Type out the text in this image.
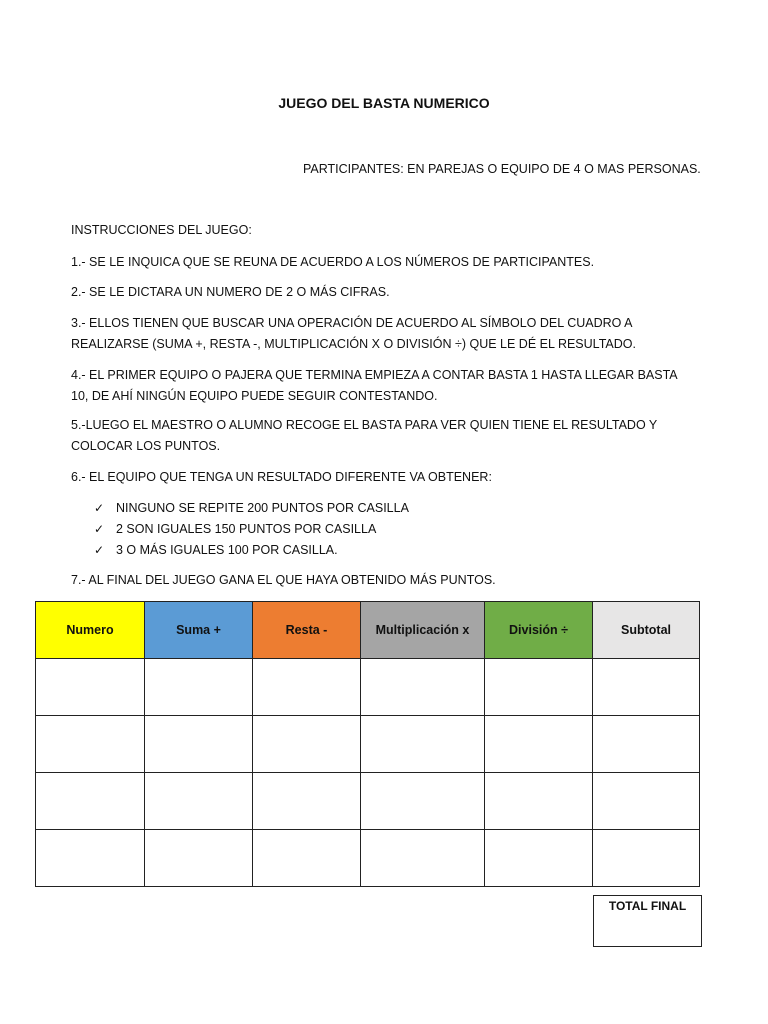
JUEGO DEL BASTA NUMERICO
PARTICIPANTES: EN PAREJAS O EQUIPO DE 4 O MAS PERSONAS.
INSTRUCCIONES DEL JUEGO:
1.- SE LE INQUICA QUE SE REUNA DE ACUERDO A LOS NÚMEROS DE PARTICIPANTES.
2.- SE LE DICTARA UN NUMERO DE 2 O MÁS CIFRAS.
3.- ELLOS TIENEN QUE BUSCAR UNA OPERACIÓN DE ACUERDO AL SÍMBOLO DEL CUADRO A REALIZARSE (SUMA +, RESTA -, MULTIPLICACIÓN X O DIVISIÓN ÷) QUE LE DÉ EL RESULTADO.
4.- EL PRIMER EQUIPO O PAJERA QUE TERMINA EMPIEZA A CONTAR BASTA 1 HASTA LLEGAR BASTA 10, DE AHÍ NINGÚN EQUIPO PUEDE SEGUIR CONTESTANDO.
5.-LUEGO EL MAESTRO O ALUMNO RECOGE EL BASTA PARA VER QUIEN TIENE EL RESULTADO Y COLOCAR LOS PUNTOS.
6.- EL EQUIPO QUE TENGA UN RESULTADO DIFERENTE VA OBTENER:
✓ NINGUNO SE REPITE 200 PUNTOS POR CASILLA
✓ 2 SON IGUALES 150 PUNTOS POR CASILLA
✓ 3 O MÁS IGUALES 100 POR CASILLA.
7.- AL FINAL DEL JUEGO GANA EL QUE HAYA OBTENIDO MÁS PUNTOS.
Numero	Suma +	Resta -	Multiplicación x	División ÷	Subtotal

TOTAL FINAL
